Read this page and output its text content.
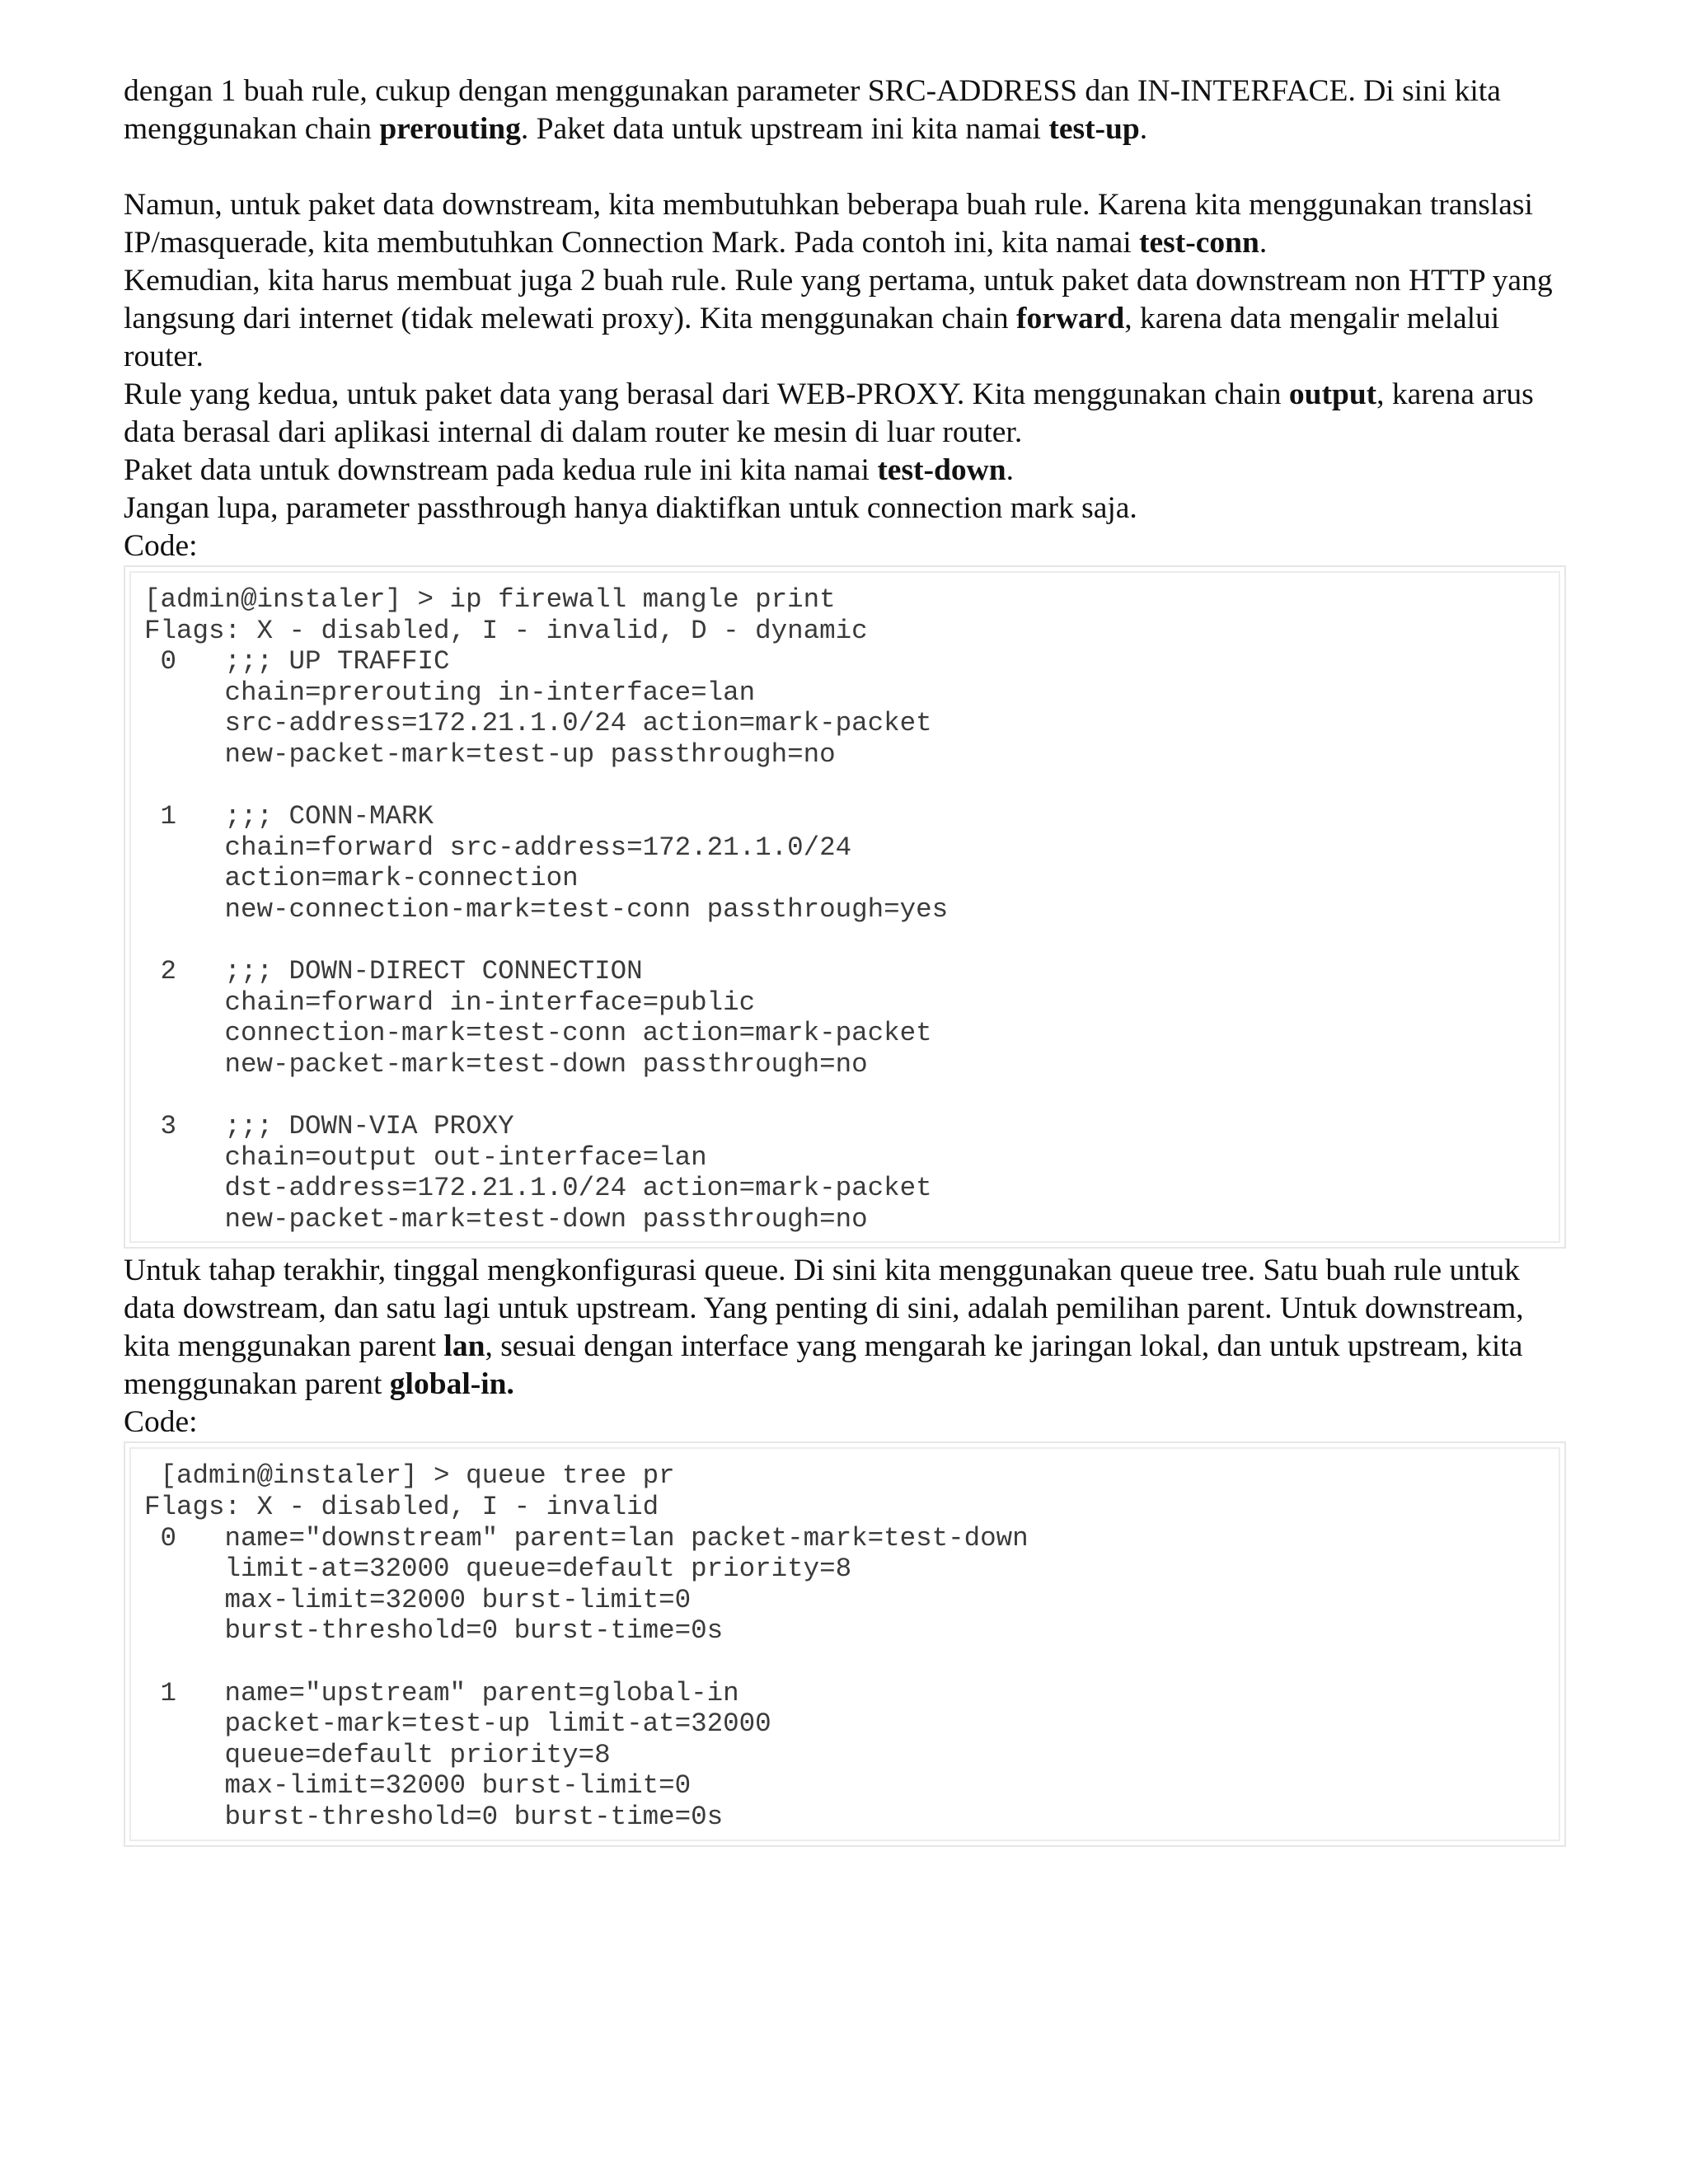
dengan 1 buah rule, cukup dengan menggunakan parameter SRC-ADDRESS dan IN-INTERFACE. Di sini kita menggunakan chain prerouting. Paket data untuk upstream ini kita namai test-up.

Namun, untuk paket data downstream, kita membutuhkan beberapa buah rule. Karena kita menggunakan translasi IP/masquerade, kita membutuhkan Connection Mark. Pada contoh ini, kita namai test-conn.
Kemudian, kita harus membuat juga 2 buah rule. Rule yang pertama, untuk paket data downstream non HTTP yang langsung dari internet (tidak melewati proxy). Kita menggunakan chain forward, karena data mengalir melalui router.

Rule yang kedua, untuk paket data yang berasal dari WEB-PROXY. Kita menggunakan chain output, karena arus data berasal dari aplikasi internal di dalam router ke mesin di luar router.

Paket data untuk downstream pada kedua rule ini kita namai test-down.

Jangan lupa, parameter passthrough hanya diaktifkan untuk connection mark saja.

Code:

[admin@instaler] > ip firewall mangle print
Flags: X - disabled, I - invalid, D - dynamic
0   ;;; UP TRAFFIC
chain=prerouting in-interface=lan
src-address=172.21.1.0/24 action=mark-packet
new-packet-mark=test-up passthrough=no
1   ;;; CONN-MARK
chain=forward src-address=172.21.1.0/24
action=mark-connection
new-connection-mark=test-conn passthrough=yes
2   ;;; DOWN-DIRECT CONNECTION
chain=forward in-interface=public
connection-mark=test-conn action=mark-packet
new-packet-mark=test-down passthrough=no
3   ;;; DOWN-VIA PROXY
chain=output out-interface=lan
dst-address=172.21.1.0/24 action=mark-packet
new-packet-mark=test-down passthrough=no

Untuk tahap terakhir, tinggal mengkonfigurasi queue. Di sini kita menggunakan queue tree. Satu buah rule untuk data dowstream, dan satu lagi untuk upstream. Yang penting di sini, adalah pemilihan parent. Untuk downstream, kita menggunakan parent lan, sesuai dengan interface yang mengarah ke jaringan lokal, dan untuk upstream, kita menggunakan parent global-in.

Code:

[admin@instaler] > queue tree pr
Flags: X - disabled, I - invalid
0   name="downstream" parent=lan packet-mark=test-down
limit-at=32000 queue=default priority=8
max-limit=32000 burst-limit=0
burst-threshold=0 burst-time=0s
1   name="upstream" parent=global-in
packet-mark=test-up limit-at=32000
queue=default priority=8
max-limit=32000 burst-limit=0
burst-threshold=0 burst-time=0s
